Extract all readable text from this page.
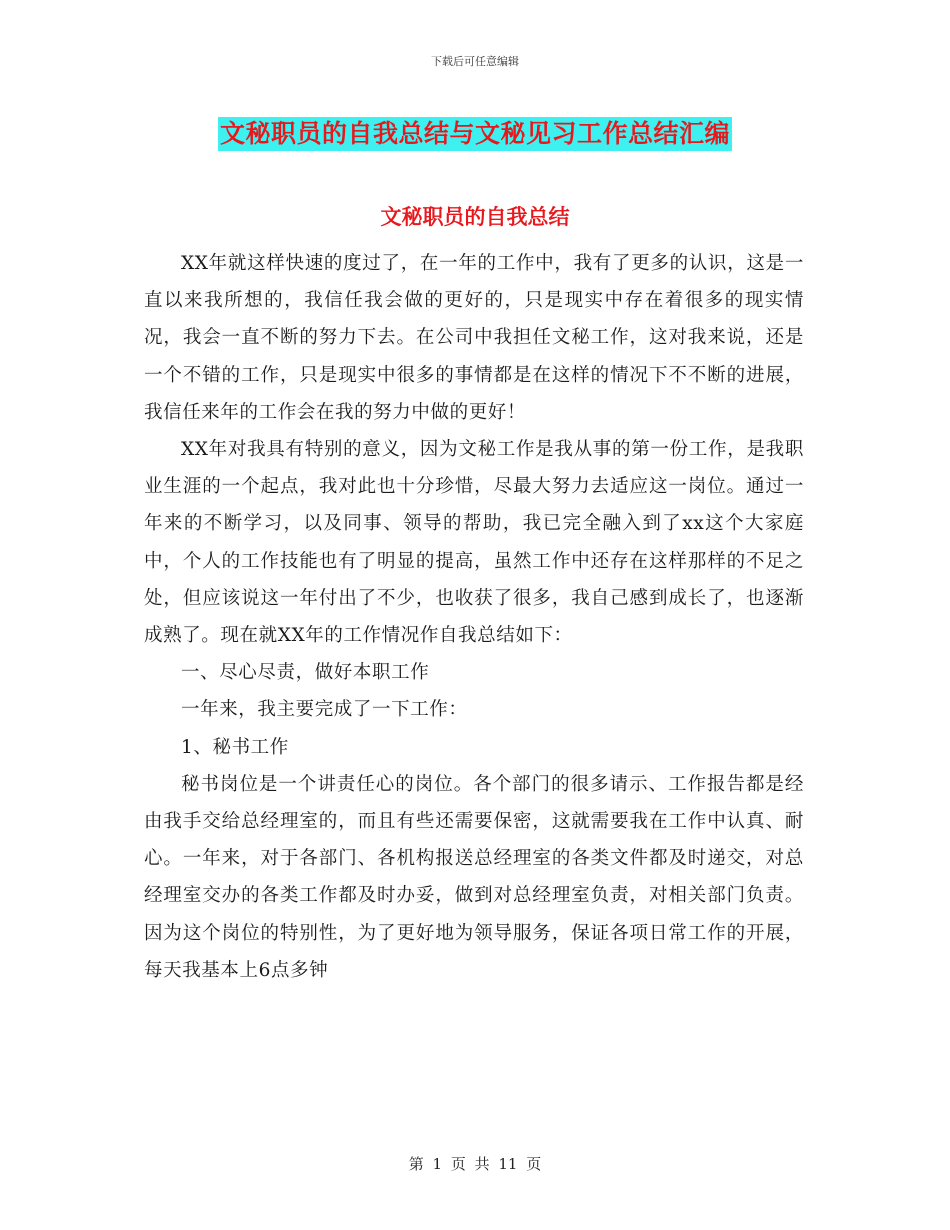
下载后可任意编辑
文秘职员的自我总结与文秘见习工作总结汇编
文秘职员的自我总结

XX年就这样快速的度过了，在一年的工作中，我有了更多的认识，这是一直以来我所想的，我信任我会做的更好的，只是现实中存在着很多的现实情况，我会一直不断的努力下去。在公司中我担任文秘工作，这对我来说，还是一个不错的工作，只是现实中很多的事情都是在这样的情况下不不断的进展，我信任来年的工作会在我的努力中做的更好！

XX年对我具有特别的意义，因为文秘工作是我从事的第一份工作，是我职业生涯的一个起点，我对此也十分珍惜，尽最大努力去适应这一岗位。通过一年来的不断学习，以及同事、领导的帮助，我已完全融入到了xx这个大家庭中，个人的工作技能也有了明显的提高，虽然工作中还存在这样那样的不足之处，但应该说这一年付出了不少，也收获了很多，我自己感到成长了，也逐渐成熟了。现在就XX年的工作情况作自我总结如下：

一、尽心尽责，做好本职工作

一年来，我主要完成了一下工作：

1、秘书工作

秘书岗位是一个讲责任心的岗位。各个部门的很多请示、工作报告都是经由我手交给总经理室的，而且有些还需要保密，这就需要我在工作中认真、耐心。一年来，对于各部门、各机构报送总经理室的各类文件都及时递交，对总经理室交办的各类工作都及时办妥，做到对总经理室负责，对相关部门负责。因为这个岗位的特别性，为了更好地为领导服务，保证各项日常工作的开展，每天我基本上6点多钟

第 1 页 共 11 页
